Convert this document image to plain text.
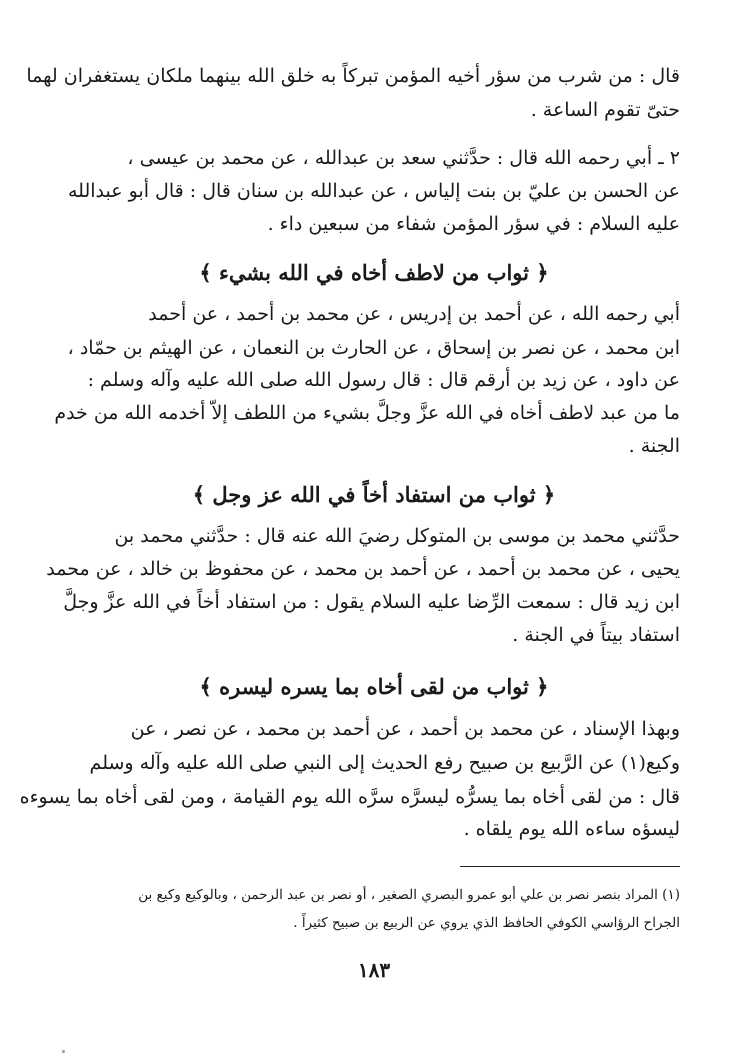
قال : من شرب من سؤر أخيه المؤمن تبركاً به خلق الله بينهما ملكان يستغفران لهما
حتىّ تقوم الساعة .
٢ ـ أبي رحمه الله قال : حدَّثني سعد بن عبدالله ، عن محمد بن عيسى ،
عن الحسن بن عليّ بن بنت إلياس ، عن عبدالله بن سنان قال : قال أبو عبدالله
عليه السلام : في سؤر المؤمن شفاء من سبعين داء .
﴿ ثواب من لاطف أخاه في الله بشيء ﴾
أبي رحمه الله ، عن أحمد بن إدريس ، عن محمد بن أحمد ، عن أحمد
ابن محمد ، عن نصر بن إسحاق ، عن الحارث بن النعمان ، عن الهيثم بن حمّاد ،
عن داود ، عن زيد بن أرقم قال : قال رسول الله صلى الله عليه وآله وسلم :
ما من عبد لاطف أخاه في الله عزَّ وجلَّ بشيء من اللطف إلاّ أخدمه الله من خدم
الجنة .
﴿ ثواب من استفاد أخاً في الله عز وجل ﴾
حدَّثني محمد بن موسى بن المتوكل رضيَ الله عنه قال : حدَّثني محمد بن
يحيى ، عن محمد بن أحمد ، عن أحمد بن محمد ، عن محفوظ بن خالد ، عن محمد
ابن زيد قال : سمعت الرِّضا عليه السلام يقول : من استفاد أخاً في الله عزَّ وجلَّ
استفاد بيتاً في الجنة .
﴿ ثواب من لقى أخاه بما يسره ليسره ﴾
وبهذا الإسناد ، عن محمد بن أحمد ، عن أحمد بن محمد ، عن نصر ، عن
وكيع(١) عن الرَّبيع بن صبيح رفع الحديث إلى النبي صلى الله عليه وآله وسلم
قال : من لقى أخاه بما يسرُّه ليسرَّه سرَّه الله يوم القيامة ، ومن لقى أخاه بما يسوءه
ليسؤه ساءه الله يوم يلقاه .
(١) المراد بنصر نصر بن علي أبو عمرو البصري الصغير ، أو نصر بن عبد الرحمن ، وبالوكيع وكيع بن
الجراح الرؤاسي الكوفي الحافظ الذي يروي عن الربيع بن صبيح كثيراً .
١٨٣
